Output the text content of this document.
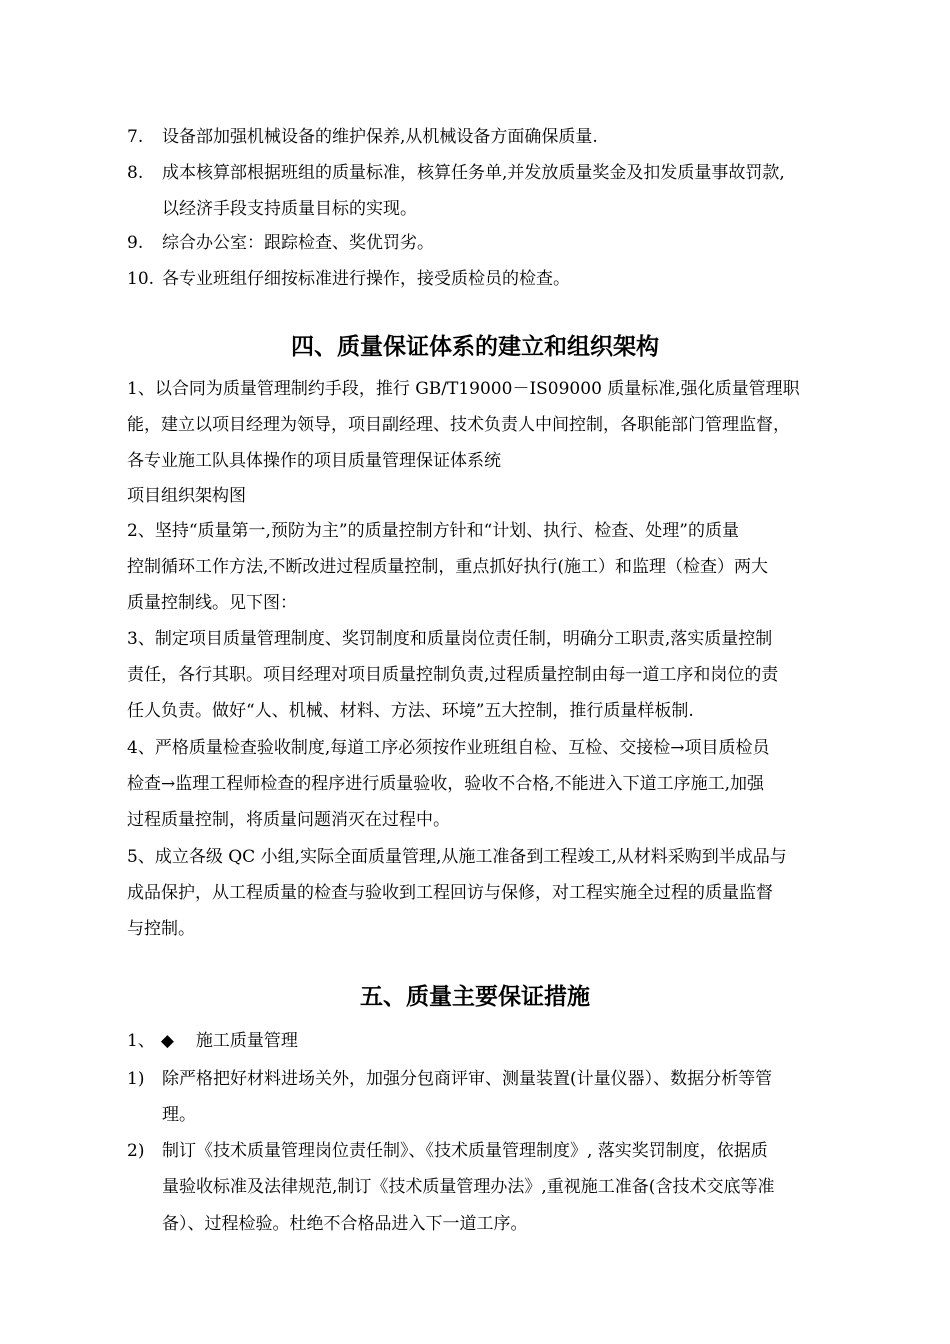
7. 设备部加强机械设备的维护保养,从机械设备方面确保质量.
8. 成本核算部根据班组的质量标准，核算任务单,并发放质量奖金及扣发质量事故罚款,
以经济手段支持质量目标的实现。
9. 综合办公室：跟踪检查、奖优罚劣。
10. 各专业班组仔细按标准进行操作，接受质检员的检查。
四、质量保证体系的建立和组织架构
1、以合同为质量管理制约手段，推行 GB/T19000－IS09000 质量标准,强化质量管理职
能，建立以项目经理为领导，项目副经理、技术负责人中间控制，各职能部门管理监督，
各专业施工队具体操作的项目质量管理保证体系统
项目组织架构图
2、坚持“质量第一,预防为主”的质量控制方针和“计划、执行、检查、处理”的质量
控制循环工作方法,不断改进过程质量控制，重点抓好执行(施工）和监理（检查）两大
质量控制线。见下图：
3、制定项目质量管理制度、奖罚制度和质量岗位责任制，明确分工职责,落实质量控制
责任，各行其职。项目经理对项目质量控制负责,过程质量控制由每一道工序和岗位的责
任人负责。做好“人、机械、材料、方法、环境”五大控制，推行质量样板制.
4、严格质量检查验收制度,每道工序必须按作业班组自检、互检、交接检→项目质检员
检查→监理工程师检查的程序进行质量验收，验收不合格,不能进入下道工序施工,加强
过程质量控制，将质量问题消灭在过程中。
5、成立各级 QC 小组,实际全面质量管理,从施工准备到工程竣工,从材料采购到半成品与
成品保护，从工程质量的检查与验收到工程回访与保修，对工程实施全过程的质量监督
与控制。
五、质量主要保证措施
1、 ◆ 施工质量管理
1) 除严格把好材料进场关外，加强分包商评审、测量装置(计量仪器）、数据分析等管
理。
2) 制订《技术质量管理岗位责任制》、《技术质量管理制度》, 落实奖罚制度，依据质
量验收标准及法律规范,制订《技术质量管理办法》,重视施工准备(含技术交底等准
备）、过程检验。杜绝不合格品进入下一道工序。
